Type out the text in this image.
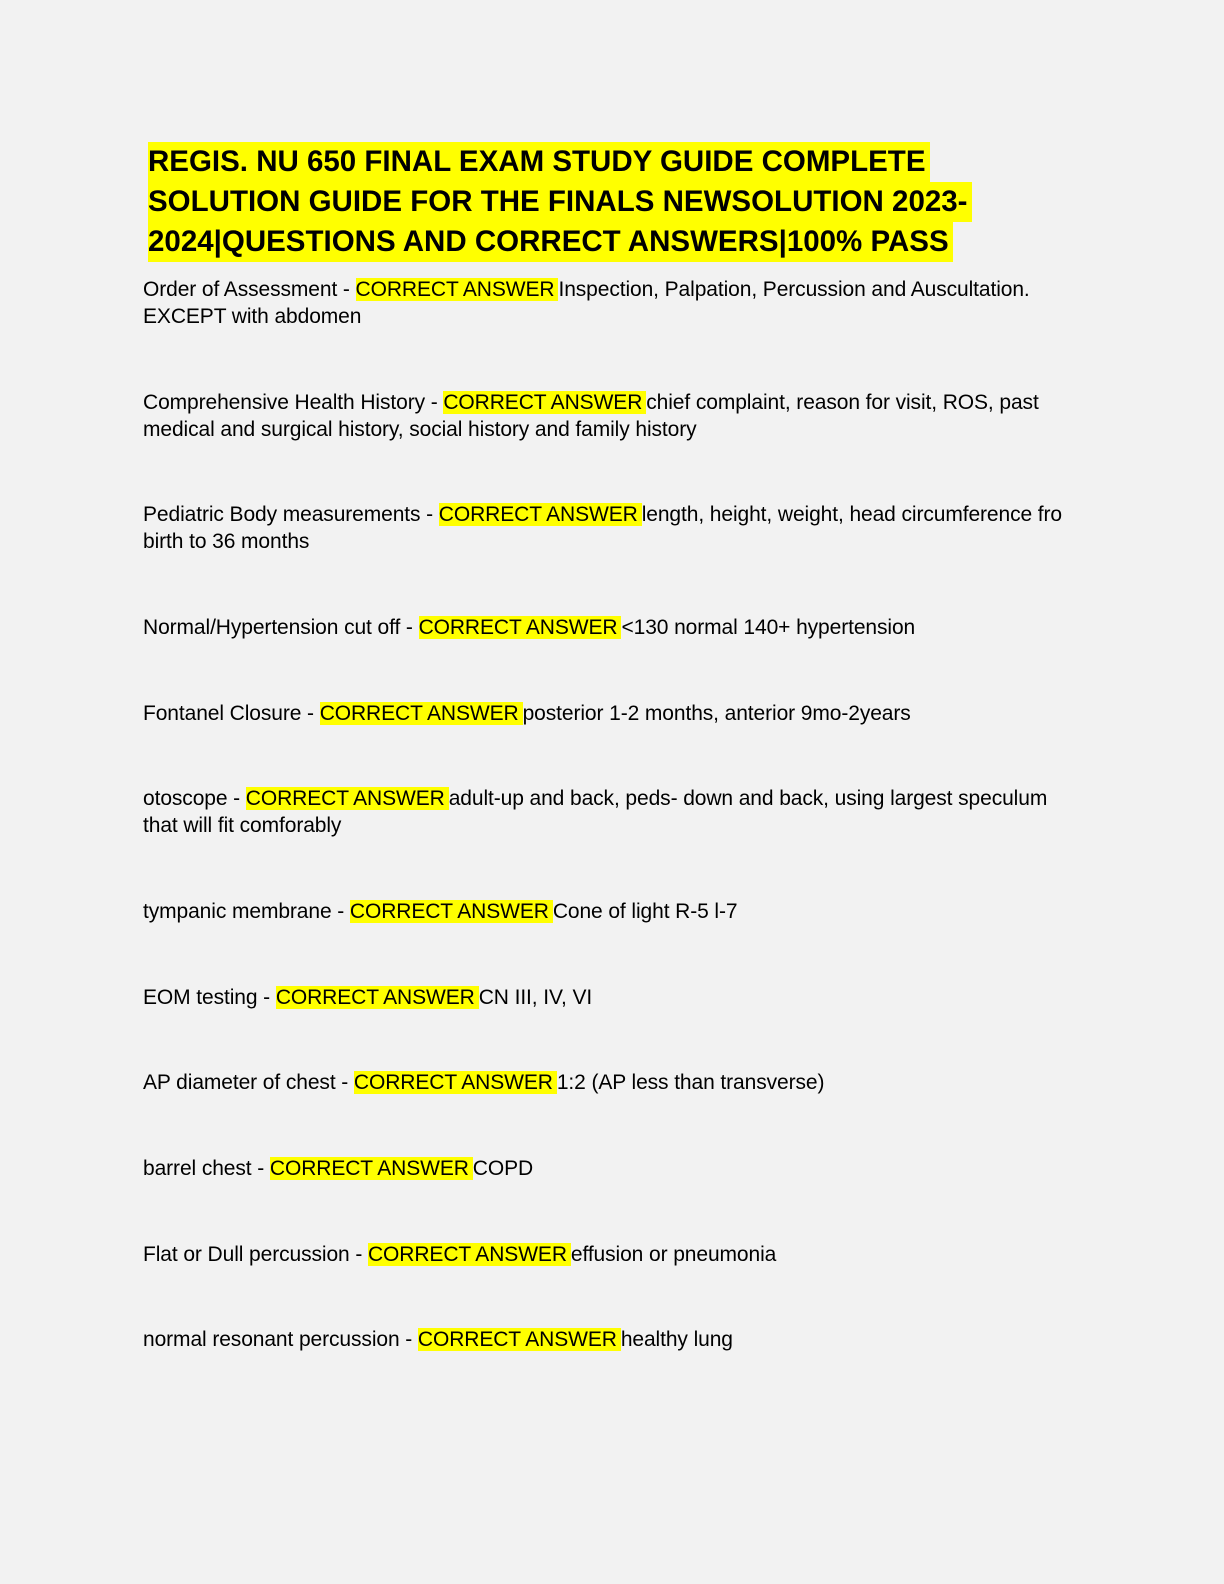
REGIS. NU 650 FINAL EXAM STUDY GUIDE COMPLETE
SOLUTION GUIDE FOR THE FINALS NEWSOLUTION 2023-
2024|QUESTIONS AND CORRECT ANSWERS|100% PASS

Order of Assessment - CORRECT ANSWER Inspection, Palpation, Percussion and Auscultation. EXCEPT with abdomen

Comprehensive Health History - CORRECT ANSWER chief complaint, reason for visit, ROS, past medical and surgical history, social history and family history

Pediatric Body measurements - CORRECT ANSWER length, height, weight, head circumference fro birth to 36 months

Normal/Hypertension cut off - CORRECT ANSWER <130 normal 140+ hypertension

Fontanel Closure - CORRECT ANSWER posterior 1-2 months, anterior 9mo-2years

otoscope - CORRECT ANSWER adult-up and back, peds- down and back, using largest speculum that will fit comforably

tympanic membrane - CORRECT ANSWER Cone of light R-5 l-7

EOM testing - CORRECT ANSWER CN III, IV, VI

AP diameter of chest - CORRECT ANSWER 1:2 (AP less than transverse)

barrel chest - CORRECT ANSWER COPD

Flat or Dull percussion - CORRECT ANSWER effusion or pneumonia

normal resonant percussion - CORRECT ANSWER healthy lung
